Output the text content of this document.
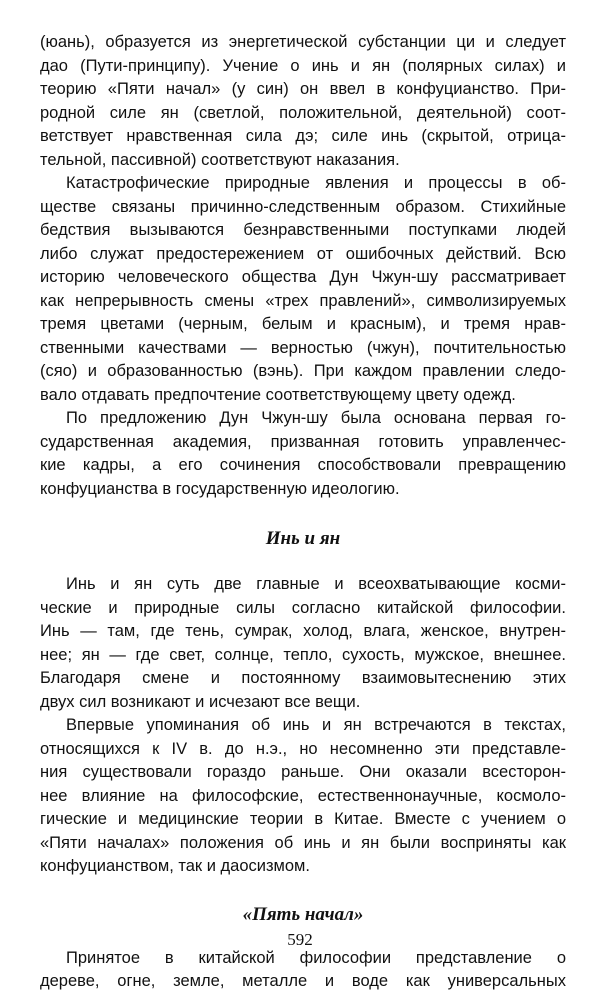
(юань), образуется из энергетической субстанции ци и следует
дао (Пути-принципу). Учение о инь и ян (полярных силах) и
теорию «Пяти начал» (у син) он ввел в конфуцианство. При-
родной силе ян (светлой, положительной, деятельной) соот-
ветствует нравственная сила дэ; силе инь (скрытой, отрица-
тельной, пассивной) соответствуют наказания.
Катастрофические природные явления и процессы в об-
ществе связаны причинно-следственным образом. Стихийные
бедствия вызываются безнравственными поступками людей
либо служат предостережением от ошибочных действий. Всю
историю человеческого общества Дун Чжун-шу рассматривает
как непрерывность смены «трех правлений», символизируемых
тремя цветами (черным, белым и красным), и тремя нрав-
ственными качествами — верностью (чжун), почтительностью
(сяо) и образованностью (вэнь). При каждом правлении следо-
вало отдавать предпочтение соответствующему цвету одежд.
По предложению Дун Чжун-шу была основана первая го-
сударственная академия, призванная готовить управленчес-
кие кадры, а его сочинения способствовали превращению
конфуцианства в государственную идеологию.
Инь и ян
Инь и ян суть две главные и всеохватывающие косми-
ческие и природные силы согласно китайской философии.
Инь — там, где тень, сумрак, холод, влага, женское, внутрен-
нее; ян — где свет, солнце, тепло, сухость, мужское, внешнее.
Благодаря смене и постоянному взаимовытеснению этих
двух сил возникают и исчезают все вещи.
Впервые упоминания об инь и ян встречаются в текстах,
относящихся к IV в. до н.э., но несомненно эти представле-
ния существовали гораздо раньше. Они оказали всесторон-
нее влияние на философские, естественнонаучные, космоло-
гические и медицинские теории в Китае. Вместе с учением о
«Пяти началах» положения об инь и ян были восприняты как
конфуцианством, так и даосизмом.
«Пять начал»
Принятое в китайской философии представление о
дереве, огне, земле, металле и воде как универсальных
592
